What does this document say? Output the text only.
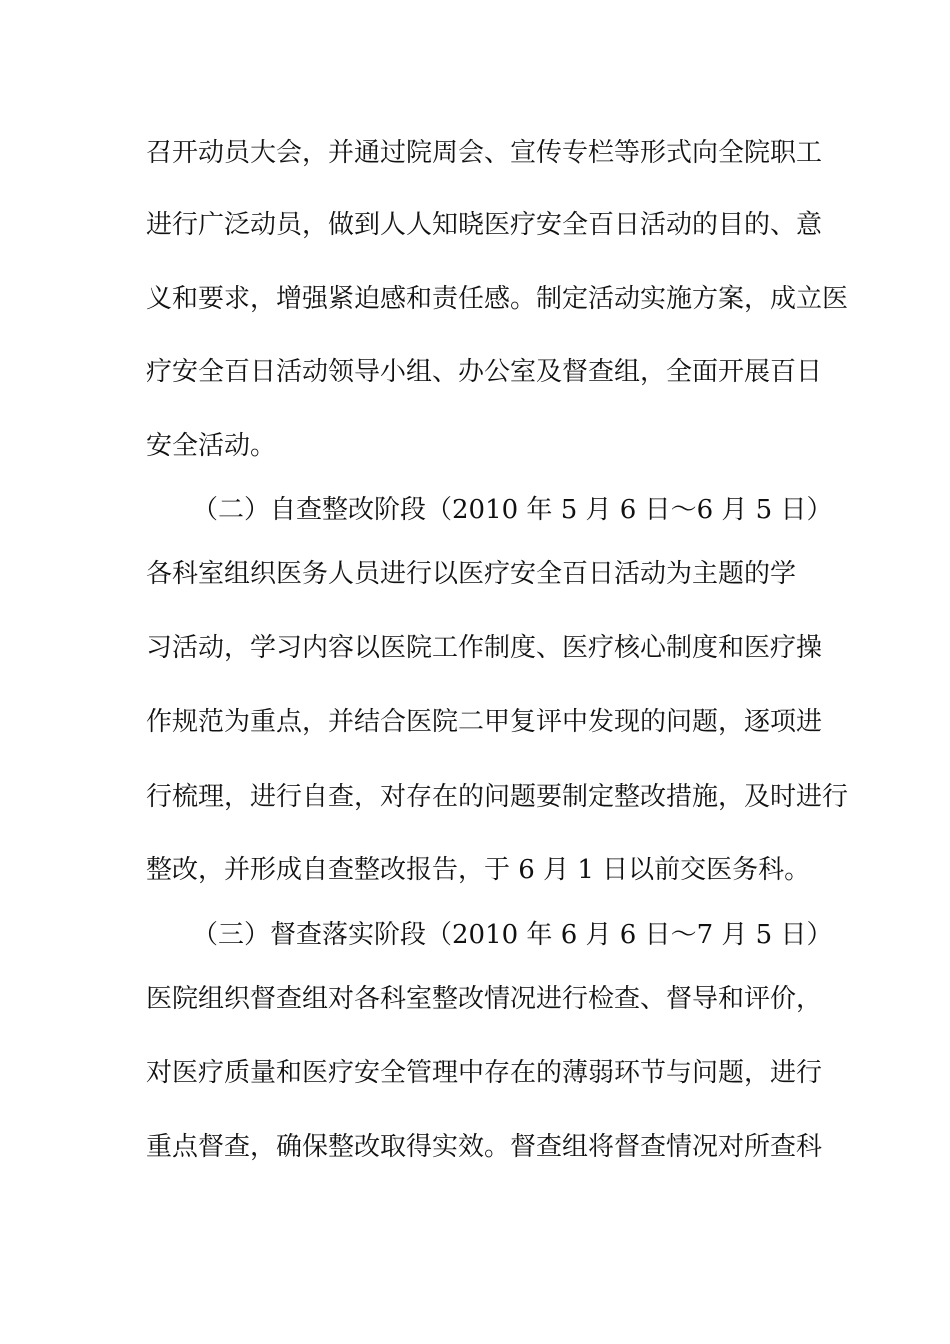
召开动员大会，并通过院周会、宣传专栏等形式向全院职工
进行广泛动员，做到人人知晓医疗安全百日活动的目的、意
义和要求，增强紧迫感和责任感。制定活动实施方案，成立医
疗安全百日活动领导小组、办公室及督查组，全面开展百日
安全活动。
（二）自查整改阶段（2010 年 5 月 6 日～6 月 5 日）
各科室组织医务人员进行以医疗安全百日活动为主题的学
习活动，学习内容以医院工作制度、医疗核心制度和医疗操
作规范为重点，并结合医院二甲复评中发现的问题，逐项进
行梳理，进行自查，对存在的问题要制定整改措施，及时进行
整改，并形成自查整改报告，于 6 月 1 日以前交医务科。
（三）督查落实阶段（2010 年 6 月 6 日～7 月 5 日）
医院组织督查组对各科室整改情况进行检查、督导和评价，
对医疗质量和医疗安全管理中存在的薄弱环节与问题，进行
重点督查，确保整改取得实效。督查组将督查情况对所查科
